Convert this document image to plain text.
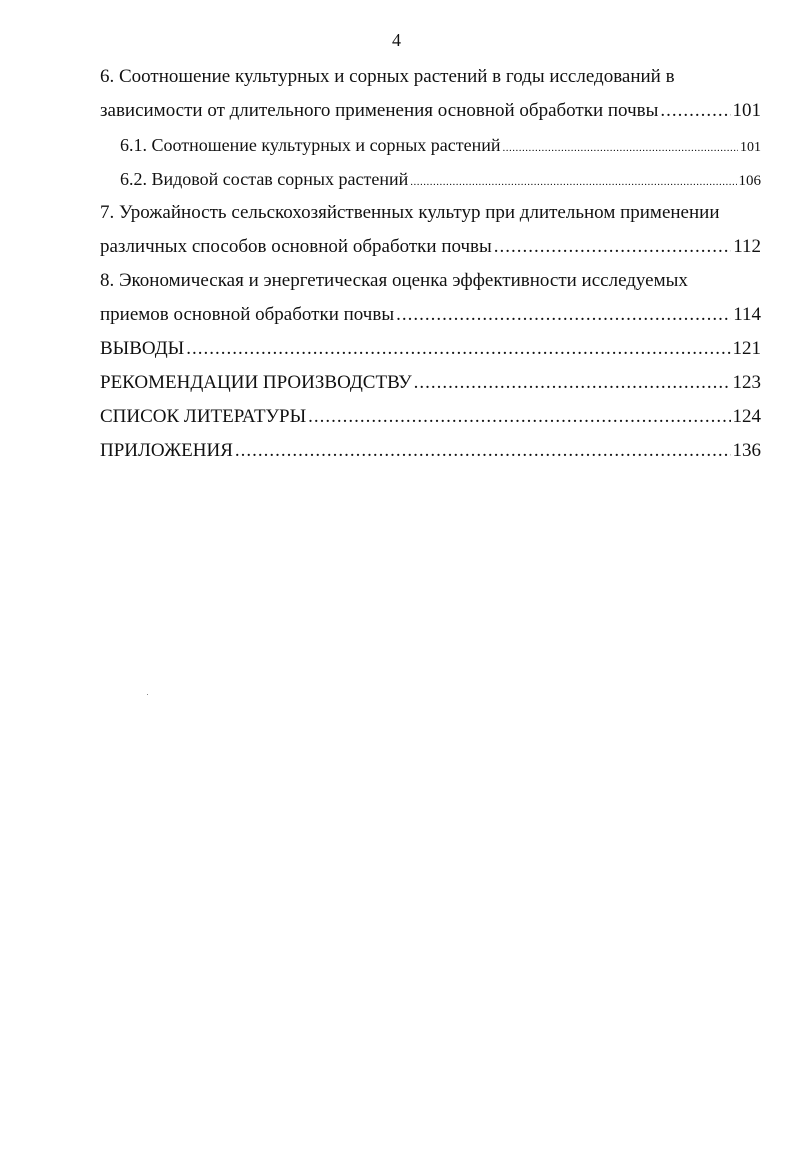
4
6. Соотношение культурных и сорных растений в годы исследований в
зависимости от длительного применения основной обработки почвы .....	101
6.1. Соотношение культурных и сорных растений .....	101
6.2. Видовой состав сорных растений .....	106
7. Урожайность сельскохозяйственных культур при длительном применении
различных способов основной обработки почвы .....	112
8. Экономическая и энергетическая оценка эффективности исследуемых
приемов основной обработки почвы .....	114
ВЫВОДЫ .....	121
РЕКОМЕНДАЦИИ ПРОИЗВОДСТВУ .....	123
СПИСОК ЛИТЕРАТУРЫ .....	124
ПРИЛОЖЕНИЯ .....	136
